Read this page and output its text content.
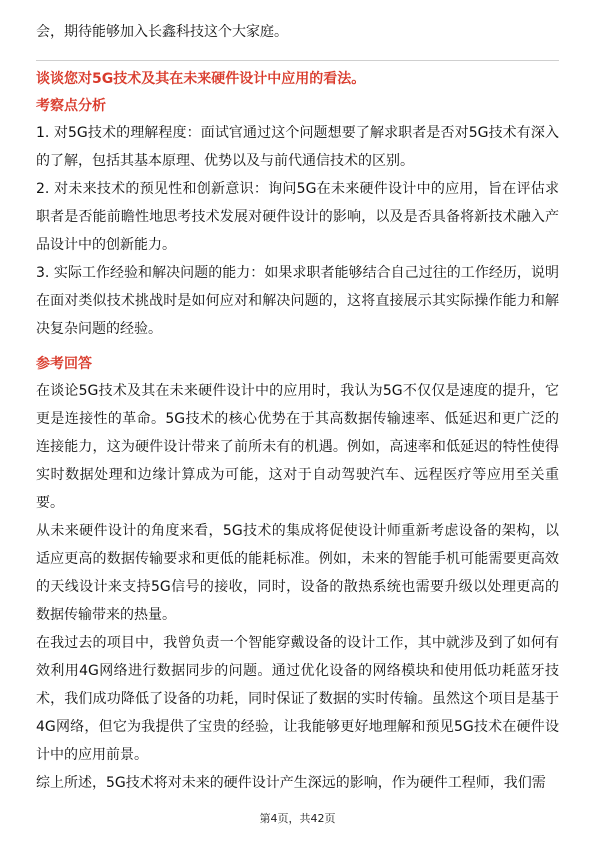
会，期待能够加入长鑫科技这个大家庭。

谈谈您对5G技术及其在未来硬件设计中应用的看法。

考察点分析

1. 对5G技术的理解程度：面试官通过这个问题想要了解求职者是否对5G技术有深入的了解，包括其基本原理、优势以及与前代通信技术的区别。

2. 对未来技术的预见性和创新意识：询问5G在未来硬件设计中的应用，旨在评估求职者是否能前瞻性地思考技术发展对硬件设计的影响，以及是否具备将新技术融入产品设计中的创新能力。

3. 实际工作经验和解决问题的能力：如果求职者能够结合自己过往的工作经历，说明在面对类似技术挑战时是如何应对和解决问题的，这将直接展示其实际操作能力和解决复杂问题的经验。

参考回答

在谈论5G技术及其在未来硬件设计中的应用时，我认为5G不仅仅是速度的提升，它更是连接性的革命。5G技术的核心优势在于其高数据传输速率、低延迟和更广泛的连接能力，这为硬件设计带来了前所未有的机遇。例如，高速率和低延迟的特性使得实时数据处理和边缘计算成为可能，这对于自动驾驶汽车、远程医疗等应用至关重要。

从未来硬件设计的角度来看，5G技术的集成将促使设计师重新考虑设备的架构，以适应更高的数据传输要求和更低的能耗标准。例如，未来的智能手机可能需要更高效的天线设计来支持5G信号的接收，同时，设备的散热系统也需要升级以处理更高的数据传输带来的热量。

在我过去的项目中，我曾负责一个智能穿戴设备的设计工作，其中就涉及到了如何有效利用4G网络进行数据同步的问题。通过优化设备的网络模块和使用低功耗蓝牙技术，我们成功降低了设备的功耗，同时保证了数据的实时传输。虽然这个项目是基于4G网络，但它为我提供了宝贵的经验，让我能够更好地理解和预见5G技术在硬件设计中的应用前景。

综上所述，5G技术将对未来的硬件设计产生深远的影响，作为硬件工程师，我们需

第4页，共42页
